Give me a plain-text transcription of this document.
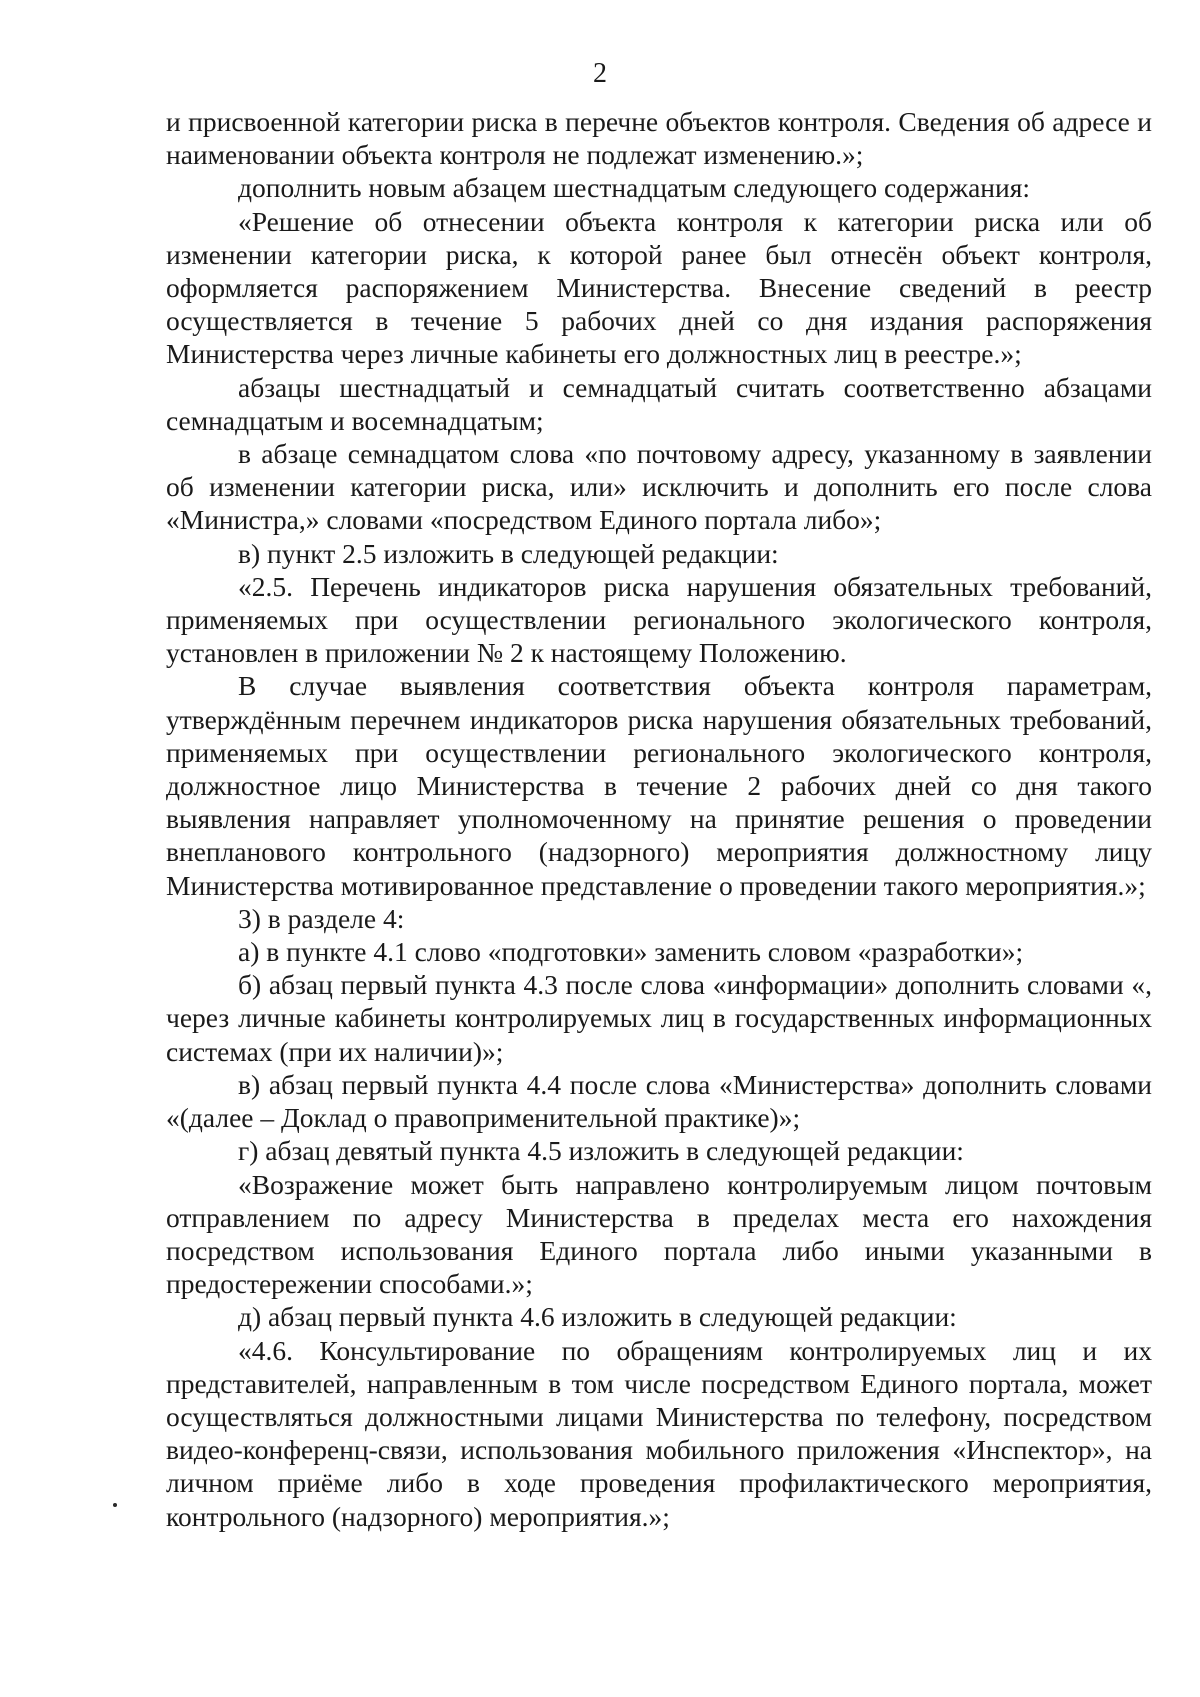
2

и присвоенной категории риска в перечне объектов контроля. Сведения об адресе и наименовании объекта контроля не подлежат изменению.»;

дополнить новым абзацем шестнадцатым следующего содержания:

«Решение об отнесении объекта контроля к категории риска или об изменении категории риска, к которой ранее был отнесён объект контроля, оформляется распоряжением Министерства. Внесение сведений в реестр осуществляется в течение 5 рабочих дней со дня издания распоряжения Министерства через личные кабинеты его должностных лиц в реестре.»;

абзацы шестнадцатый и семнадцатый считать соответственно абзацами семнадцатым и восемнадцатым;

в абзаце семнадцатом слова «по почтовому адресу, указанному в заявлении об изменении категории риска, или» исключить и дополнить его после слова «Министра,» словами «посредством Единого портала либо»;

в) пункт 2.5 изложить в следующей редакции:

«2.5. Перечень индикаторов риска нарушения обязательных требований, применяемых при осуществлении регионального экологического контроля, установлен в приложении № 2 к настоящему Положению.

В случае выявления соответствия объекта контроля параметрам, утверждённым перечнем индикаторов риска нарушения обязательных требований, применяемых при осуществлении регионального экологического контроля, должностное лицо Министерства в течение 2 рабочих дней со дня такого выявления направляет уполномоченному на принятие решения о проведении внепланового контрольного (надзорного) мероприятия должностному лицу Министерства мотивированное представление о проведении такого мероприятия.»;

3) в разделе 4:

а) в пункте 4.1 слово «подготовки» заменить словом «разработки»;

б) абзац первый пункта 4.3 после слова «информации» дополнить словами «, через личные кабинеты контролируемых лиц в государственных информационных системах (при их наличии)»;

в) абзац первый пункта 4.4 после слова «Министерства» дополнить словами «(далее – Доклад о правоприменительной практике)»;

г) абзац девятый пункта 4.5 изложить в следующей редакции:

«Возражение может быть направлено контролируемым лицом почтовым отправлением по адресу Министерства в пределах места его нахождения посредством использования Единого портала либо иными указанными в предостережении способами.»;

д) абзац первый пункта 4.6 изложить в следующей редакции:

«4.6. Консультирование по обращениям контролируемых лиц и их представителей, направленным в том числе посредством Единого портала, может осуществляться должностными лицами Министерства по телефону, посредством видео-конференц-связи, использования мобильного приложения «Инспектор», на личном приёме либо в ходе проведения профилактического мероприятия, контрольного (надзорного) мероприятия.»;
